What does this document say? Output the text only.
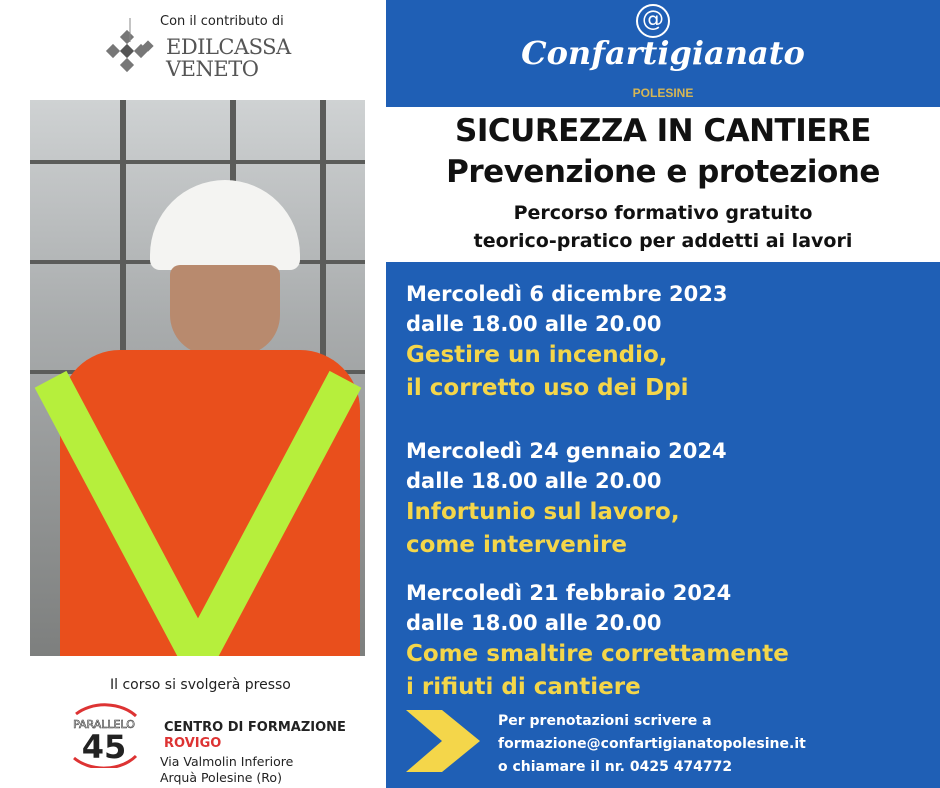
Con il contributo di
EDILCASSA
VENETO
@
Confartigianato
POLESINE
SICUREZZA IN CANTIERE
Prevenzione e protezione
Percorso formativo gratuito
teorico-pratico per addetti ai lavori
Mercoledì 6 dicembre 2023
dalle 18.00 alle 20.00
Gestire un incendio,
il corretto uso dei Dpi
Mercoledì 24 gennaio 2024
dalle 18.00 alle 20.00
Infortunio sul lavoro,
come intervenire
Mercoledì 21 febbraio 2024
dalle 18.00 alle 20.00
Come smaltire correttamente
i rifiuti di cantiere
Per prenotazioni scrivere a
formazione@confartigianatopolesine.it
o chiamare il nr. 0425 474772
Il corso si svolgerà presso
PARALLELO
45
CENTRO DI FORMAZIONE
ROVIGO
Via Valmolin Inferiore
Arquà Polesine (Ro)
